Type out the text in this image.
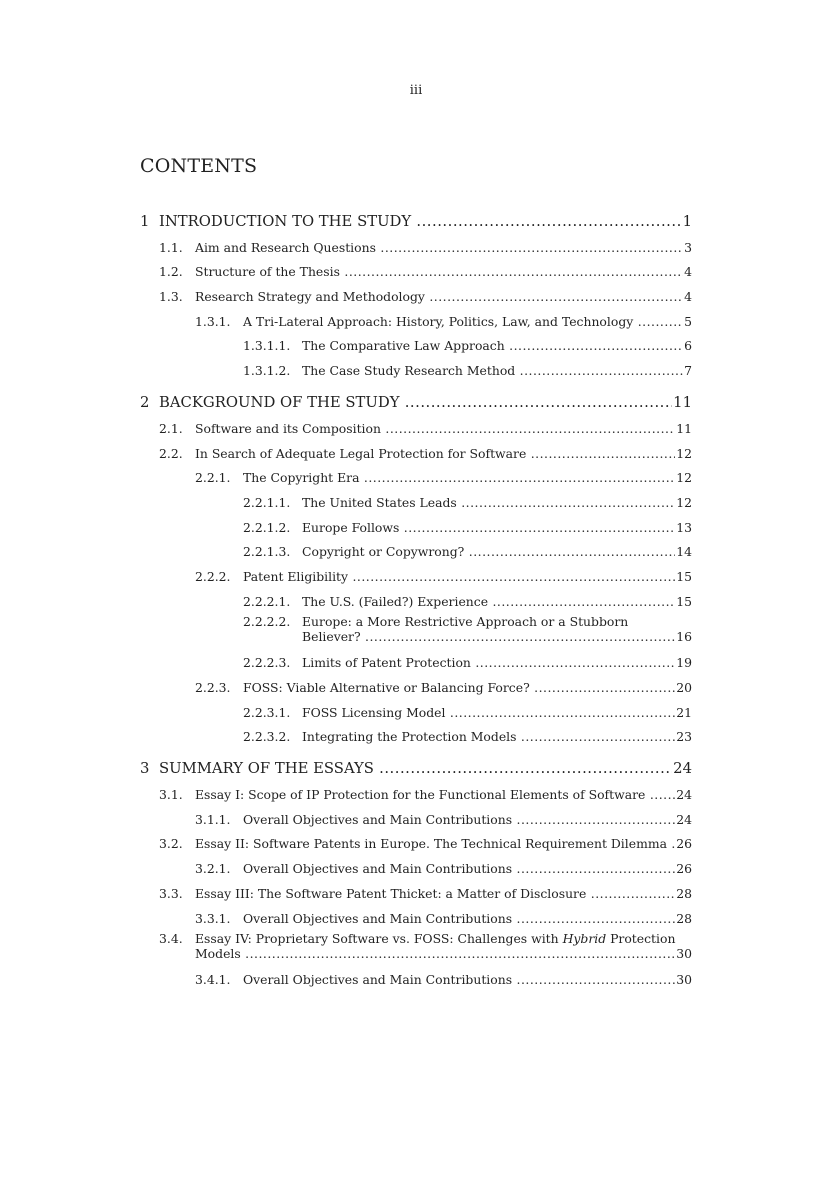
iii
CONTENTS
1 INTRODUCTION TO THE STUDY .....	1
1.1. Aim and Research Questions .....	3
1.2. Structure of the Thesis .....	4
1.3. Research Strategy and Methodology .....	4
1.3.1.	A Tri-Lateral Approach: History, Politics, Law, and Technology .....	5
1.3.1.1. The Comparative Law Approach .....	6
1.3.1.2. The Case Study Research Method .....	7
2 BACKGROUND OF THE STUDY .....	11
2.1. Software and its Composition .....	11
2.2. In Search of Adequate Legal Protection for Software .....	12
2.2.1.	The Copyright Era .....	12
2.2.1.1. The United States Leads .....	12
2.2.1.2. Europe Follows .....	13
2.2.1.3. Copyright or Copywrong? .....	14
2.2.2.	Patent Eligibility .....	15
2.2.2.1. The U.S. (Failed?) Experience .....	15
2.2.2.2. Europe: a More Restrictive Approach or a Stubborn
Believer? .....	16
2.2.2.3. Limits of Patent Protection .....	19
2.2.3.	FOSS: Viable Alternative or Balancing Force? .....	20
2.2.3.1. FOSS Licensing Model .....	21
2.2.3.2. Integrating the Protection Models .....	23
3 SUMMARY OF THE ESSAYS .....	24
3.1. Essay I: Scope of IP Protection for the Functional Elements of Software .....	24
3.1.1.	Overall Objectives and Main Contributions .....	24
3.2. Essay II: Software Patents in Europe. The Technical Requirement Dilemma ..... 26
3.2.1.	Overall Objectives and Main Contributions .....	26
3.3. Essay III: The Software Patent Thicket: a Matter of Disclosure .....	28
3.3.1.	Overall Objectives and Main Contributions .....	28
3.4. Essay IV: Proprietary Software vs. FOSS: Challenges with Hybrid Protection
Models .....	30
3.4.1.	Overall Objectives and Main Contributions .....	30
